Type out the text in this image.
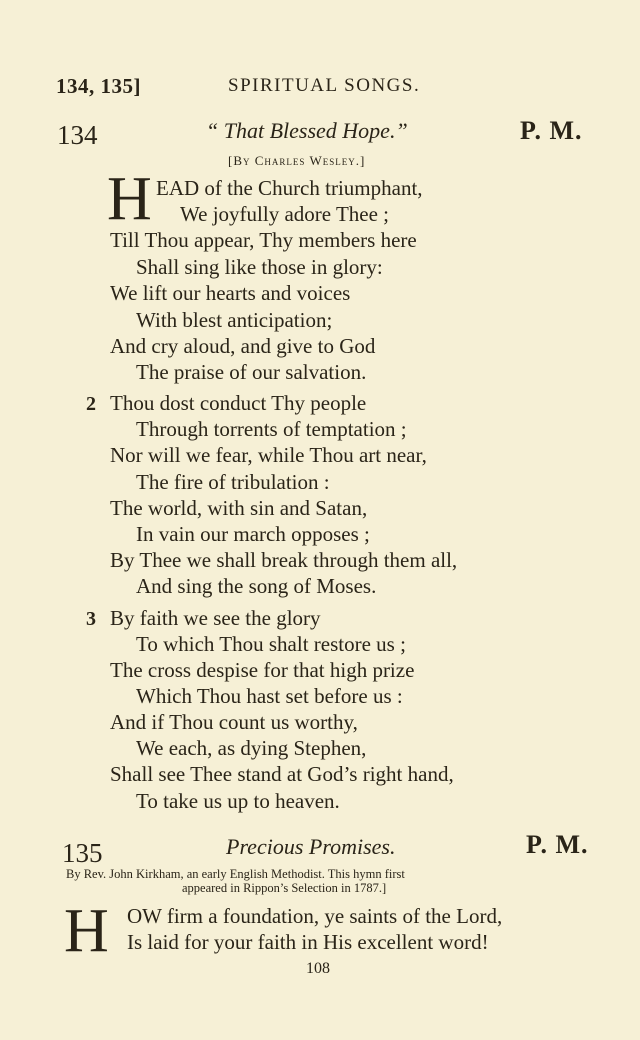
134, 135]	SPIRITUAL SONGS.
134	“ That Blessed Hope.”	P. M.
[By Charles Wesley.]
H EAD of the Church triumphant,
We joyfully adore Thee ;
Till Thou appear, Thy members here
Shall sing like those in glory:
We lift our hearts and voices
With blest anticipation;
And cry aloud, and give to God
The praise of our salvation.
2 Thou dost conduct Thy people
Through torrents of temptation ;
Nor will we fear, while Thou art near,
The fire of tribulation :
The world, with sin and Satan,
In vain our march opposes ;
By Thee we shall break through them all,
And sing the song of Moses.
3 By faith we see the glory
To which Thou shalt restore us ;
The cross despise for that high prize
Which Thou hast set before us :
And if Thou count us worthy,
We each, as dying Stephen,
Shall see Thee stand at God’s right hand,
To take us up to heaven.
135	Precious Promises.	P. M.
By Rev. John Kirkham, an early English Methodist. This hymn first
appeared in Rippon’s Selection in 1787.]
H OW firm a foundation, ye saints of the Lord,
Is laid for your faith in His excellent word!
108
